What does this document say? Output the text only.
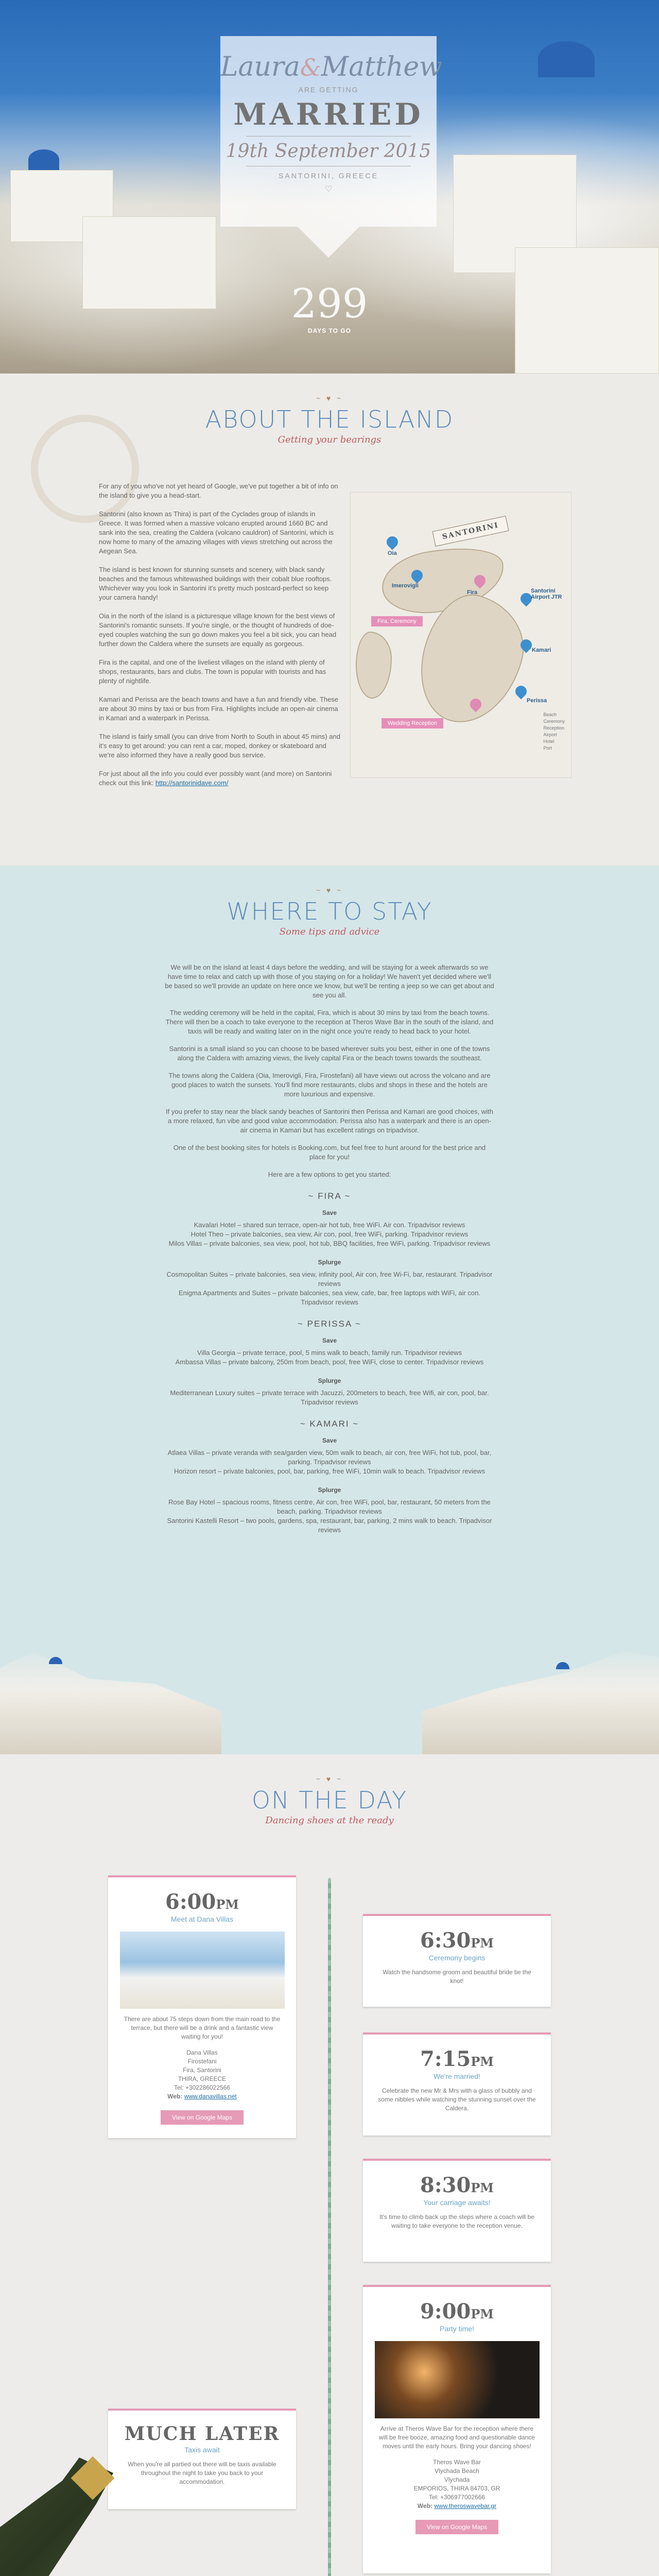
Laura&Matthew
ARE GETTING
MARRIED
19th September 2015
SANTORINI, GREECE
♡
299
DAYS TO GO
~ ♥ ~
ABOUT THE ISLAND
Getting your bearings

For any of you who've not yet heard of Google, we've put together a bit of info on the island to give you a head-start.

Santorini (also known as Thira) is part of the Cyclades group of islands in Greece. It was formed when a massive volcano erupted around 1660 BC and sank into the sea, creating the Caldera (volcano cauldron) of Santorini, which is now home to many of the amazing villages with views stretching out across the Aegean Sea.

The island is best known for stunning sunsets and scenery, with black sandy beaches and the famous whitewashed buildings with their cobalt blue rooftops. Whichever way you look in Santorini it's pretty much postcard-perfect so keep your camera handy!

Oia in the north of the island is a picturesque village known for the best views of Santorini's romantic sunsets. If you're single, or the thought of hundreds of doe-eyed couples watching the sun go down makes you feel a bit sick, you can head further down the Caldera where the sunsets are equally as gorgeous.

Fira is the capital, and one of the liveliest villages on the island with plenty of shops, restaurants, bars and clubs. The town is popular with tourists and has plenty of nightlife.

Kamari and Perissa are the beach towns and have a fun and friendly vibe. These are about 30 mins by taxi or bus from Fira. Highlights include an open-air cinema in Kamari and a waterpark in Perissa.

The island is fairly small (you can drive from North to South in about 45 mins) and it's easy to get around: you can rent a car, moped, donkey or skateboard and we're also informed they have a really good bus service.

For just about all the info you could ever possibly want (and more) on Santorini check out this link: http://santorinidave.com/

SANTORINI
Oia
Imerovigli
Fira	Santorini Airport JTR
Kamari
Perissa
Fira, Ceremony
Wedding Reception
Beach
Ceremony
Reception
Airport
Hotel
Port
~ ♥ ~
WHERE TO STAY
Some tips and advice

We will be on the island at least 4 days before the wedding, and will be staying for a week afterwards so we have time to relax and catch up with those of you staying on for a holiday! We haven't yet decided where we'll be based so we'll provide an update on here once we know, but we'll be renting a jeep so we can get about and see you all.

The wedding ceremony will be held in the capital, Fira, which is about 30 mins by taxi from the beach towns. There will then be a coach to take everyone to the reception at Theros Wave Bar in the south of the island, and taxis will be ready and waiting later on in the night once you're ready to head back to your hotel.

Santorini is a small island so you can choose to be based wherever suits you best, either in one of the towns along the Caldera with amazing views, the lively capital Fira or the beach towns towards the southeast.

The towns along the Caldera (Oia, Imerovigli, Fira, Firostefani) all have views out across the volcano and are good places to watch the sunsets. You'll find more restaurants, clubs and shops in these and the hotels are more luxurious and expensive.

If you prefer to stay near the black sandy beaches of Santorini then Perissa and Kamari are good choices, with a more relaxed, fun vibe and good value accommodation. Perissa also has a waterpark and there is an open-air cinema in Kamari but has excellent ratings on tripadvisor.

One of the best booking sites for hotels is Booking.com, but feel free to hunt around for the best price and place for you!

Here are a few options to get you started:

~ FIRA ~
Save
Kavalari Hotel – shared sun terrace, open-air hot tub, free WiFi. Air con. Tripadvisor reviews
Hotel Theo – private balconies, sea view, Air con, pool, free WiFi, parking. Tripadvisor reviews
Milos Villas – private balconies, sea view, pool, hot tub, BBQ facilities, free WiFi, parking. Tripadvisor reviews
Splurge
Cosmopolitan Suites – private balconies, sea view, infinity pool, Air con, free Wi-Fi, bar, restaurant. Tripadvisor reviews
Enigma Apartments and Suites – private balconies, sea view, cafe, bar, free laptops with WiFi, air con. Tripadvisor reviews
~ PERISSA ~
Save
Villa Georgia – private terrace, pool, 5 mins walk to beach, family run. Tripadvisor reviews
Ambassa Villas – private balcony, 250m from beach, pool, free WiFi, close to center. Tripadvisor reviews
Splurge
Mediterranean Luxury suites – private terrace with Jacuzzi, 200meters to beach, free Wifi, air con, pool, bar. Tripadvisor reviews
~ KAMARI ~
Save
Atlaea Villas – private veranda with sea/garden view, 50m walk to beach, air con, free WiFi, hot tub, pool, bar, parking. Tripadvisor reviews
Horizon resort – private balconies, pool, bar, parking, free WiFi, 10min walk to beach. Tripadvisor reviews
Splurge
Rose Bay Hotel – spacious rooms, fitness centre, Air con, free WiFi, pool, bar, restaurant, 50 meters from the beach, parking. Tripadvisor reviews
Santorini Kastelli Resort – two pools, gardens, spa, restaurant, bar, parking, 2 mins walk to beach. Tripadvisor reviews
~ ♥ ~
ON THE DAY
Dancing shoes at the ready
6:00PM
Meet at Dana Villas
There are about 75 steps down from the main road to the terrace, but there will be a drink and a fantastic view waiting for you!
Dana Villas
Firostefani
Fira, Santorini
THIRA, GREECE
Tel: +302286022566
Web: www.danavillas.net
View on Google Maps
6:30PM
Ceremony begins
Watch the handsome groom and beautiful bride tie the knot!
7:15PM
We're married!
Celebrate the new Mr & Mrs with a glass of bubbly and some nibbles while watching the stunning sunset over the Caldera.
8:30PM
Your carriage awaits!
It's time to climb back up the steps where a coach will be waiting to take everyone to the reception venue.
9:00PM
Party time!
Arrive at Theros Wave Bar for the reception where there will be free booze, amazing food and questionable dance moves until the early hours. Bring your dancing shoes!
Theros Wave Bar
Vlychada Beach
Vlychada
EMPORIOS, THIRA 84703, GR
Tel: +306977002666
Web: www.theroswavebar.gr
View on Google Maps
MUCH LATER
Taxis await
When you're all partied out there will be taxis available throughout the night to take you back to your accommodation.
